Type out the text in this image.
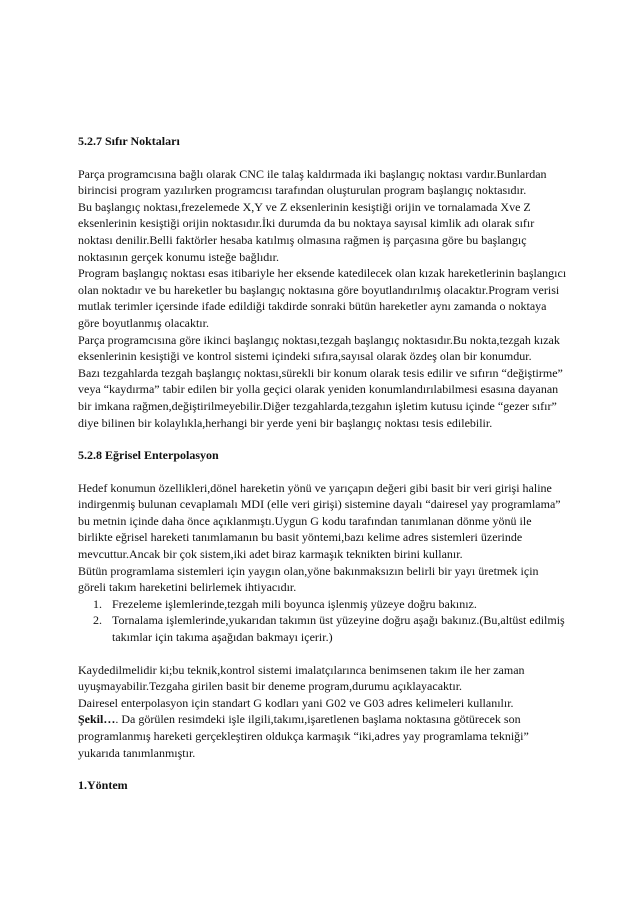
5.2.7 Sıfır Noktaları

Parça programcısına bağlı olarak CNC ile talaş kaldırmada iki başlangıç noktası vardır.Bunlardan birincisi program yazılırken programcısı tarafından oluşturulan program başlangıç noktasıdır.

Bu başlangıç noktası,frezelemede X,Y ve Z eksenlerinin kesiştiği orijin ve tornalamada Xve Z eksenlerinin kesiştiği orijin noktasıdır.İki durumda da bu noktaya sayısal kimlik adı olarak sıfır noktası denilir.Belli faktörler hesaba katılmış olmasına rağmen iş parçasına göre bu başlangıç noktasının gerçek konumu isteğe bağlıdır.

Program başlangıç noktası esas itibariyle her eksende katedilecek olan kızak hareketlerinin başlangıcı olan noktadır ve bu hareketler bu başlangıç noktasına göre boyutlandırılmış olacaktır.Program verisi mutlak terimler içersinde ifade edildiği takdirde sonraki bütün hareketler aynı zamanda o noktaya göre boyutlanmış olacaktır.

Parça programcısına göre ikinci başlangıç noktası,tezgah başlangıç noktasıdır.Bu nokta,tezgah kızak eksenlerinin kesiştiği ve kontrol sistemi içindeki sıfıra,sayısal olarak özdeş olan bir konumdur.

Bazı tezgahlarda tezgah başlangıç noktası,sürekli bir konum olarak tesis edilir ve sıfırın “değiştirme” veya “kaydırma” tabir edilen bir yolla geçici olarak yeniden konumlandırılabilmesi esasına dayanan bir imkana rağmen,değiştirilmeyebilir.Diğer tezgahlarda,tezgahın işletim kutusu içinde “gezer sıfır” diye bilinen bir kolaylıkla,herhangi bir yerde yeni bir başlangıç noktası tesis edilebilir.

5.2.8 Eğrisel Enterpolasyon

Hedef konumun özellikleri,dönel hareketin yönü ve yarıçapın değeri gibi basit bir veri girişi haline indirgenmiş bulunan cevaplamalı MDI (elle veri girişi) sistemine dayalı “dairesel yay programlama” bu metnin içinde daha önce açıklanmıştı.Uygun G kodu tarafından tanımlanan dönme yönü ile birlikte eğrisel hareketi tanımlamanın bu basit yöntemi,bazı kelime adres sistemleri üzerinde mevcuttur.Ancak bir çok sistem,iki adet biraz karmaşık teknikten birini kullanır.

Bütün programlama sistemleri için yaygın olan,yöne bakınmaksızın belirli bir yayı üretmek için göreli takım hareketini belirlemek ihtiyacıdır.

1. Frezeleme işlemlerinde,tezgah mili boyunca işlenmiş yüzeye doğru bakınız.
2. Tornalama işlemlerinde,yukarıdan takımın üst yüzeyine doğru aşağı bakınız.(Bu,altüst edilmiş takımlar için takıma aşağıdan bakmayı içerir.)

Kaydedilmelidir ki;bu teknik,kontrol sistemi imalatçılarınca benimsenen takım ile her zaman uyuşmayabilir.Tezgaha girilen basit bir deneme program,durumu açıklayacaktır.

Dairesel enterpolasyon için standart G kodları yani G02 ve G03 adres kelimeleri kullanılır.

Şekil…. Da görülen resimdeki işle ilgili,takımı,işaretlenen başlama noktasına götürecek son programlanmış hareketi gerçekleştiren oldukça karmaşık “iki,adres yay programlama tekniği” yukarıda tanımlanmıştır.

1.Yöntem
